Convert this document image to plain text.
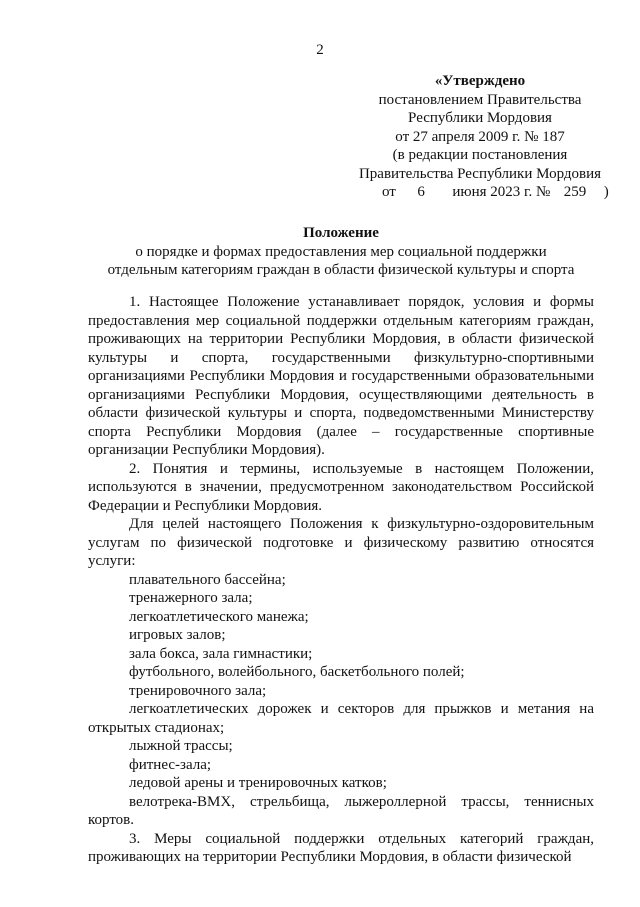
2
«Утверждено
постановлением Правительства
Республики Мордовия
от 27 апреля 2009 г. № 187
(в редакции постановления
Правительства Республики Мордовия
от 6 июня 2023 г. № 259 )
Положение
о порядке и формах предоставления мер социальной поддержки
отдельным категориям граждан в области физической культуры и спорта

1. Настоящее Положение устанавливает порядок, условия и формы предоставления мер социальной поддержки отдельным категориям граждан, проживающих на территории Республики Мордовия, в области физической культуры и спорта, государственными физкультурно-спортивными организациями Республики Мордовия и государственными образовательными организациями Республики Мордовия, осуществляющими деятельность в области физической культуры и спорта, подведомственными Министерству спорта Республики Мордовия (далее – государственные спортивные организации Республики Мордовия).

2. Понятия и термины, используемые в настоящем Положении, используются в значении, предусмотренном законодательством Российской Федерации и Республики Мордовия.

Для целей настоящего Положения к физкультурно-оздоровительным услугам по физической подготовке и физическому развитию относятся услуги:

плавательного бассейна;

тренажерного зала;

легкоатлетического манежа;

игровых залов;

зала бокса, зала гимнастики;

футбольного, волейбольного, баскетбольного полей;

тренировочного зала;

легкоатлетических дорожек и секторов для прыжков и метания на открытых стадионах;

лыжной трассы;

фитнес-зала;

ледовой арены и тренировочных катков;

велотрека-BMX, стрельбища, лыжероллерной трассы, теннисных кортов.

3. Меры социальной поддержки отдельных категорий граждан, проживающих на территории Республики Мордовия, в области физической
